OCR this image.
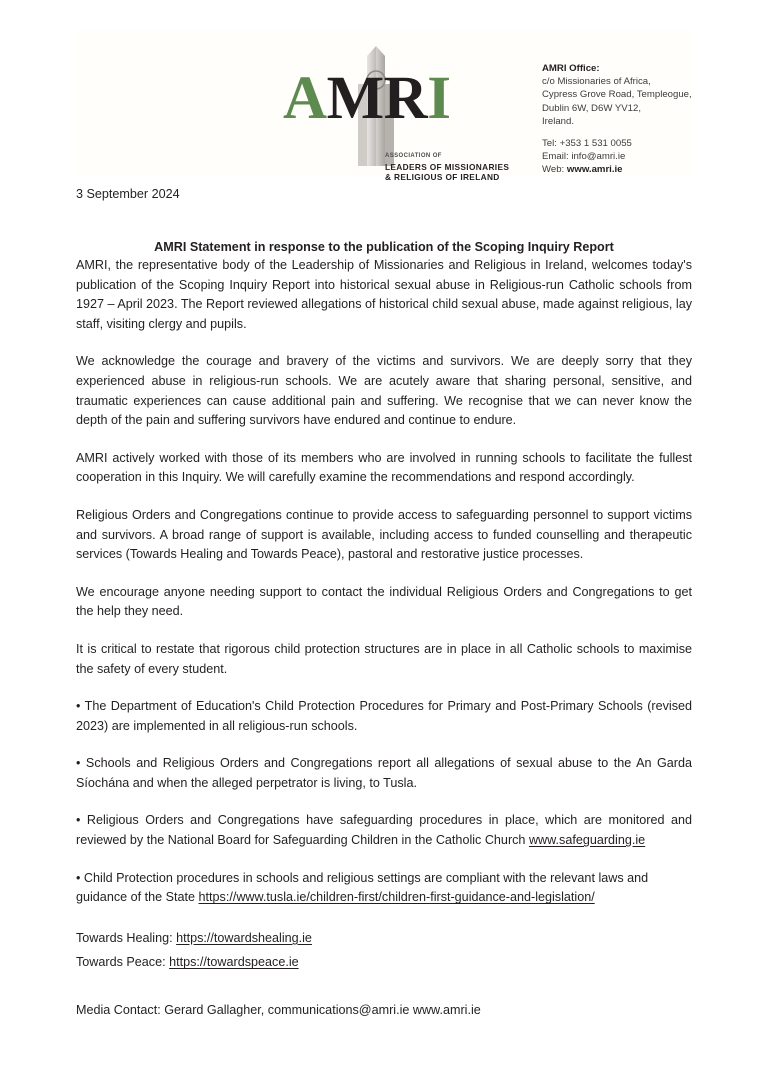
AMRI
ASSOCIATION OF
LEADERS OF MISSIONARIES
& RELIGIOUS OF IRELAND
AMRI Office:
c/o Missionaries of Africa,
Cypress Grove Road, Templeogue,
Dublin 6W, D6W YV12,
Ireland.
Tel: +353 1 531 0055
Email: info@amri.ie
Web: www.amri.ie

3 September 2024

AMRI Statement in response to the publication of the Scoping Inquiry Report

AMRI, the representative body of the Leadership of Missionaries and Religious in Ireland, welcomes today's publication of the Scoping Inquiry Report into historical sexual abuse in Religious-run Catholic schools from 1927 – April 2023. The Report reviewed allegations of historical child sexual abuse, made against religious, lay staff, visiting clergy and pupils.

We acknowledge the courage and bravery of the victims and survivors. We are deeply sorry that they experienced abuse in religious-run schools. We are acutely aware that sharing personal, sensitive, and traumatic experiences can cause additional pain and suffering. We recognise that we can never know the depth of the pain and suffering survivors have endured and continue to endure.

AMRI actively worked with those of its members who are involved in running schools to facilitate the fullest cooperation in this Inquiry. We will carefully examine the recommendations and respond accordingly.

Religious Orders and Congregations continue to provide access to safeguarding personnel to support victims and survivors. A broad range of support is available, including access to funded counselling and therapeutic services (Towards Healing and Towards Peace), pastoral and restorative justice processes.

We encourage anyone needing support to contact the individual Religious Orders and Congregations to get the help they need.

It is critical to restate that rigorous child protection structures are in place in all Catholic schools to maximise the safety of every student.

• The Department of Education's Child Protection Procedures for Primary and Post-Primary Schools (revised 2023) are implemented in all religious-run schools.

• Schools and Religious Orders and Congregations report all allegations of sexual abuse to the An Garda Síochána and when the alleged perpetrator is living, to Tusla.

• Religious Orders and Congregations have safeguarding procedures in place, which are monitored and reviewed by the National Board for Safeguarding Children in the Catholic Church www.safeguarding.ie

• Child Protection procedures in schools and religious settings are compliant with the relevant laws and guidance of the State https://www.tusla.ie/children-first/children-first-guidance-and-legislation/

Towards Healing: https://towardshealing.ie
Towards Peace: https://towardspeace.ie

Media Contact: Gerard Gallagher, communications@amri.ie www.amri.ie
